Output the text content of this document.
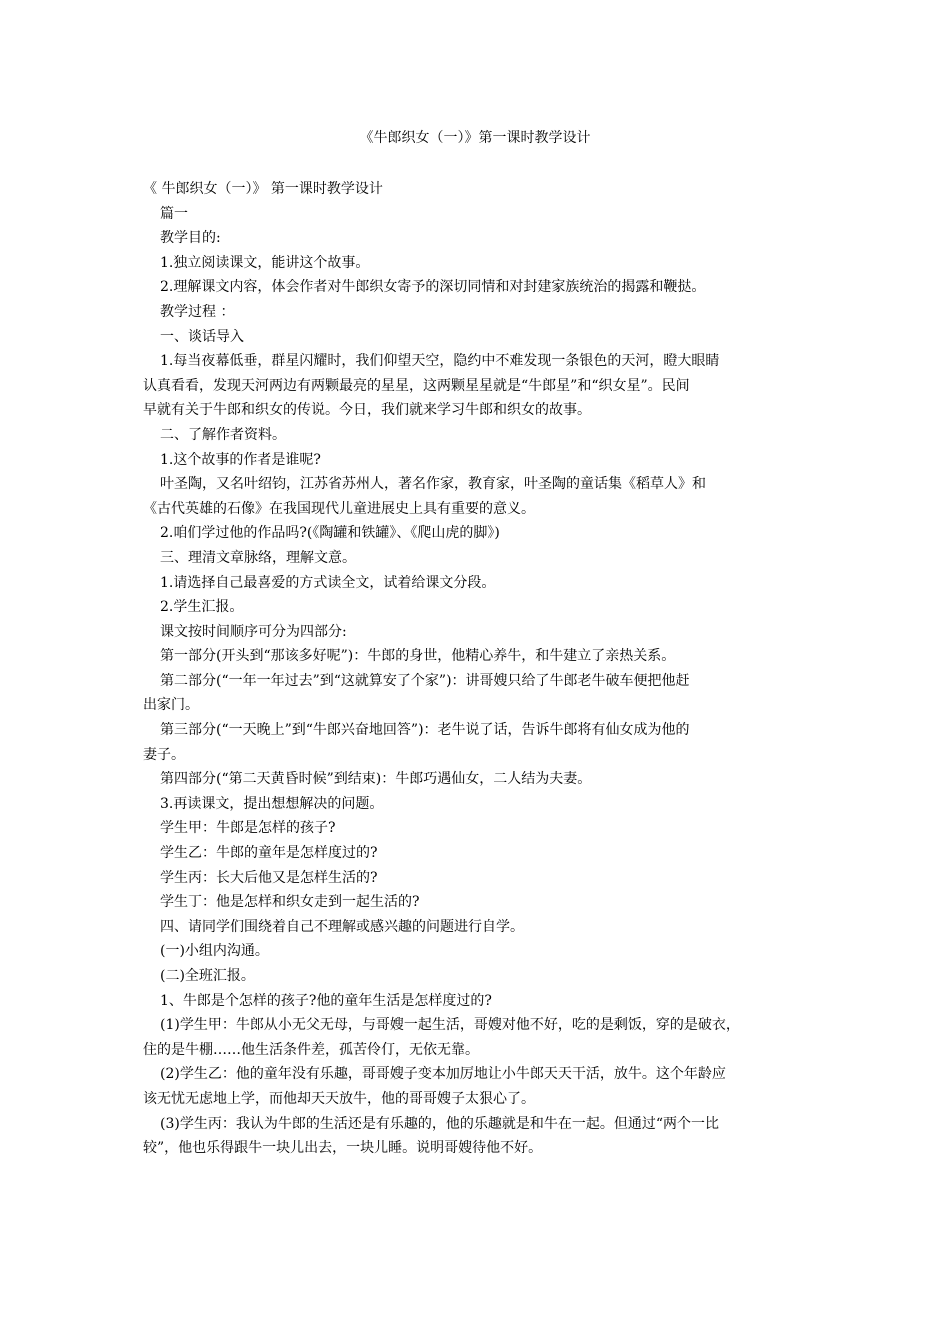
《牛郎织女（一）》第一课时教学设计

《 牛郎织女（一）》 第一课时教学设计

篇一

教学目的:

1.独立阅读课文，能讲这个故事。

2.理解课文内容，体会作者对牛郎织女寄予的深切同情和对封建家族统治的揭露和鞭挞。

教学过程 ：

一、谈话导入

1.每当夜幕低垂，群星闪耀时，我们仰望天空，隐约中不难发现一条银色的天河，瞪大眼睛

认真看看，发现天河两边有两颗最亮的星星，这两颗星星就是“牛郎星”和“织女星”。民间

早就有关于牛郎和织女的传说。今日，我们就来学习牛郎和织女的故事。

二、了解作者资料。

1.这个故事的作者是谁呢?

叶圣陶，又名叶绍钧，江苏省苏州人，著名作家，教育家，叶圣陶的童话集《稻草人》和

《古代英雄的石像》在我国现代儿童进展史上具有重要的意义。

2.咱们学过他的作品吗?(《陶罐和铁罐》、《爬山虎的脚》)

三、理清文章脉络，理解文意。

1.请选择自己最喜爱的方式读全文，试着给课文分段。

2.学生汇报。

课文按时间顺序可分为四部分:

第一部分(开头到“那该多好呢”)：牛郎的身世，他精心养牛，和牛建立了亲热关系。

第二部分(“一年一年过去”到“这就算安了个家”)：讲哥嫂只给了牛郎老牛破车便把他赶

出家门。

第三部分(“一天晚上”到“牛郎兴奋地回答”)：老牛说了话，告诉牛郎将有仙女成为他的

妻子。

第四部分(“第二天黄昏时候”到结束)：牛郎巧遇仙女，二人结为夫妻。

3.再读课文，提出想想解决的问题。

学生甲：牛郎是怎样的孩子?

学生乙：牛郎的童年是怎样度过的?

学生丙：长大后他又是怎样生活的?

学生丁：他是怎样和织女走到一起生活的?

四、请同学们围绕着自己不理解或感兴趣的问题进行自学。

(一)小组内沟通。

(二)全班汇报。

1、牛郎是个怎样的孩子?他的童年生活是怎样度过的?

(1)学生甲：牛郎从小无父无母，与哥嫂一起生活，哥嫂对他不好，吃的是剩饭，穿的是破衣，

住的是牛棚……他生活条件差，孤苦伶仃，无依无靠。

(2)学生乙：他的童年没有乐趣，哥哥嫂子变本加厉地让小牛郎天天干活，放牛。这个年龄应

该无忧无虑地上学，而他却天天放牛，他的哥哥嫂子太狠心了。

(3)学生丙：我认为牛郎的生活还是有乐趣的，他的乐趣就是和牛在一起。但通过“两个一比

较”，他也乐得跟牛一块儿出去，一块儿睡。说明哥嫂待他不好。
